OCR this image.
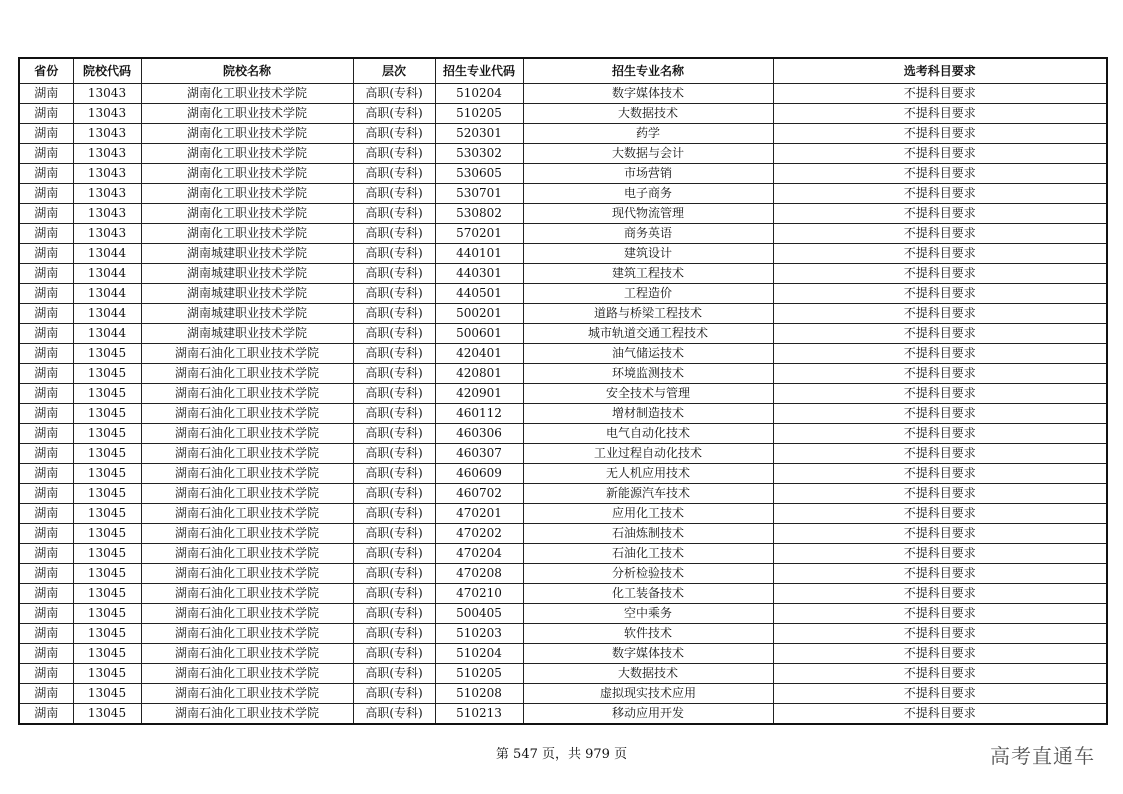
省份	院校代码	院校名称	层次	招生专业代码	招生专业名称	选考科目要求
湖南	13043	湖南化工职业技术学院	高职(专科)	510204	数字媒体技术	不提科目要求
湖南	13043	湖南化工职业技术学院	高职(专科)	510205	大数据技术	不提科目要求
湖南	13043	湖南化工职业技术学院	高职(专科)	520301	药学	不提科目要求
湖南	13043	湖南化工职业技术学院	高职(专科)	530302	大数据与会计	不提科目要求
湖南	13043	湖南化工职业技术学院	高职(专科)	530605	市场营销	不提科目要求
湖南	13043	湖南化工职业技术学院	高职(专科)	530701	电子商务	不提科目要求
湖南	13043	湖南化工职业技术学院	高职(专科)	530802	现代物流管理	不提科目要求
湖南	13043	湖南化工职业技术学院	高职(专科)	570201	商务英语	不提科目要求
湖南	13044	湖南城建职业技术学院	高职(专科)	440101	建筑设计	不提科目要求
湖南	13044	湖南城建职业技术学院	高职(专科)	440301	建筑工程技术	不提科目要求
湖南	13044	湖南城建职业技术学院	高职(专科)	440501	工程造价	不提科目要求
湖南	13044	湖南城建职业技术学院	高职(专科)	500201	道路与桥梁工程技术	不提科目要求
湖南	13044	湖南城建职业技术学院	高职(专科)	500601	城市轨道交通工程技术	不提科目要求
湖南	13045	湖南石油化工职业技术学院	高职(专科)	420401	油气储运技术	不提科目要求
湖南	13045	湖南石油化工职业技术学院	高职(专科)	420801	环境监测技术	不提科目要求
湖南	13045	湖南石油化工职业技术学院	高职(专科)	420901	安全技术与管理	不提科目要求
湖南	13045	湖南石油化工职业技术学院	高职(专科)	460112	增材制造技术	不提科目要求
湖南	13045	湖南石油化工职业技术学院	高职(专科)	460306	电气自动化技术	不提科目要求
湖南	13045	湖南石油化工职业技术学院	高职(专科)	460307	工业过程自动化技术	不提科目要求
湖南	13045	湖南石油化工职业技术学院	高职(专科)	460609	无人机应用技术	不提科目要求
湖南	13045	湖南石油化工职业技术学院	高职(专科)	460702	新能源汽车技术	不提科目要求
湖南	13045	湖南石油化工职业技术学院	高职(专科)	470201	应用化工技术	不提科目要求
湖南	13045	湖南石油化工职业技术学院	高职(专科)	470202	石油炼制技术	不提科目要求
湖南	13045	湖南石油化工职业技术学院	高职(专科)	470204	石油化工技术	不提科目要求
湖南	13045	湖南石油化工职业技术学院	高职(专科)	470208	分析检验技术	不提科目要求
湖南	13045	湖南石油化工职业技术学院	高职(专科)	470210	化工装备技术	不提科目要求
湖南	13045	湖南石油化工职业技术学院	高职(专科)	500405	空中乘务	不提科目要求
湖南	13045	湖南石油化工职业技术学院	高职(专科)	510203	软件技术	不提科目要求
湖南	13045	湖南石油化工职业技术学院	高职(专科)	510204	数字媒体技术	不提科目要求
湖南	13045	湖南石油化工职业技术学院	高职(专科)	510205	大数据技术	不提科目要求
湖南	13045	湖南石油化工职业技术学院	高职(专科)	510208	虚拟现实技术应用	不提科目要求
湖南	13045	湖南石油化工职业技术学院	高职(专科)	510213	移动应用开发	不提科目要求
第 547 页，共 979 页	高考直通车
